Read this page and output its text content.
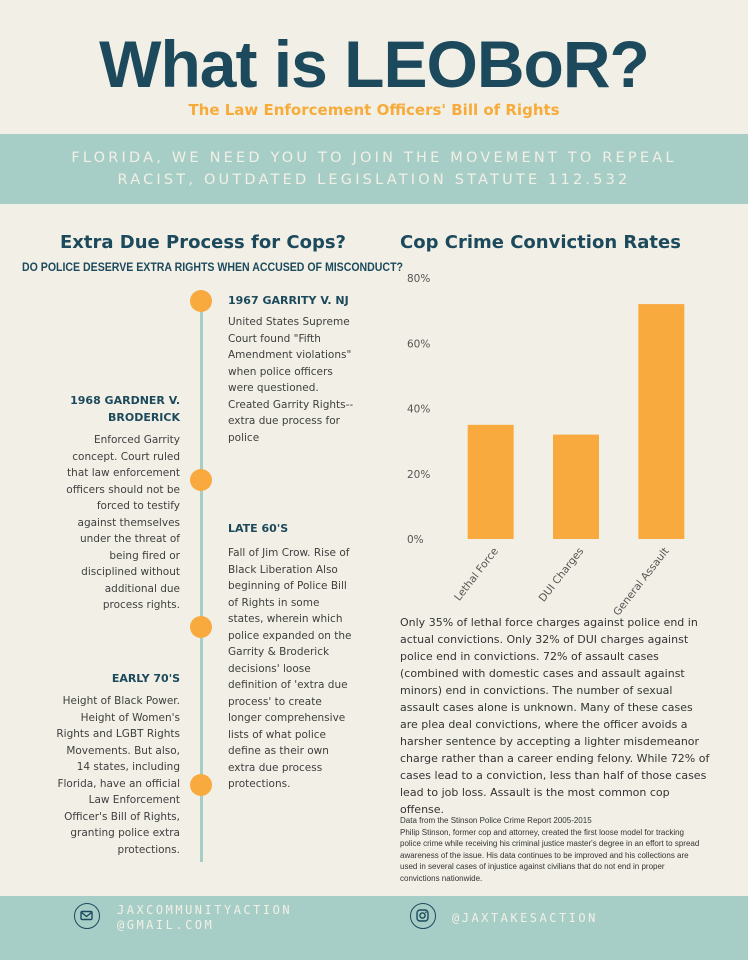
What is LEOBoR?
The Law Enforcement Officers' Bill of Rights
FLORIDA, WE NEED YOU TO JOIN THE MOVEMENT TO REPEAL
RACIST, OUTDATED LEGISLATION STATUTE 112.532
Extra Due Process for Cops?
DO POLICE DESERVE EXTRA RIGHTS WHEN ACCUSED OF MISCONDUCT?
1967 GARRITY V. NJ
United States Supreme Court found "Fifth Amendment violations" when police officers were questioned. Created Garrity Rights--extra due process for police
1968 GARDNER V. BRODERICK
Enforced Garrity concept. Court ruled that law enforcement officers should not be forced to testify against themselves under the threat of being fired or disciplined without additional due process rights.
LATE 60'S
Fall of Jim Crow. Rise of Black Liberation Also beginning of Police Bill of Rights in some states, wherein which police expanded on the Garrity & Broderick decisions' loose definition of 'extra due process' to create longer comprehensive lists of what police define as their own extra due process protections.
EARLY 70'S
Height of Black Power. Height of Women's Rights and LGBT Rights Movements. But also, 14 states, including Florida, have an official Law Enforcement Officer's Bill of Rights, granting police extra protections.
Cop Crime Conviction Rates
0%
20%
40%
60%
80%
Lethal Force	DUI Charges General Assault
Only 35% of lethal force charges against police end in actual convictions. Only 32% of DUI charges against police end in convictions. 72% of assault cases (combined with domestic cases and assault against minors) end in convictions. The number of sexual assault cases alone is unknown. Many of these cases are plea deal convictions, where the officer avoids a harsher sentence by accepting a lighter misdemeanor charge rather than a career ending felony. While 72% of cases lead to a conviction, less than half of those cases lead to job loss. Assault is the most common cop offense.
Data from the Stinson Police Crime Report 2005-2015
Philip Stinson, former cop and attorney, created the first loose model for tracking police crime while receiving his criminal justice master's degree in an effort to spread awareness of the issue. His data continues to be improved and his collections are used in several cases of injustice against civilians that do not end in proper convictions nationwide.
JAXCOMMUNITYACTION
@GMAIL.COM	@JAXTAKESACTION
